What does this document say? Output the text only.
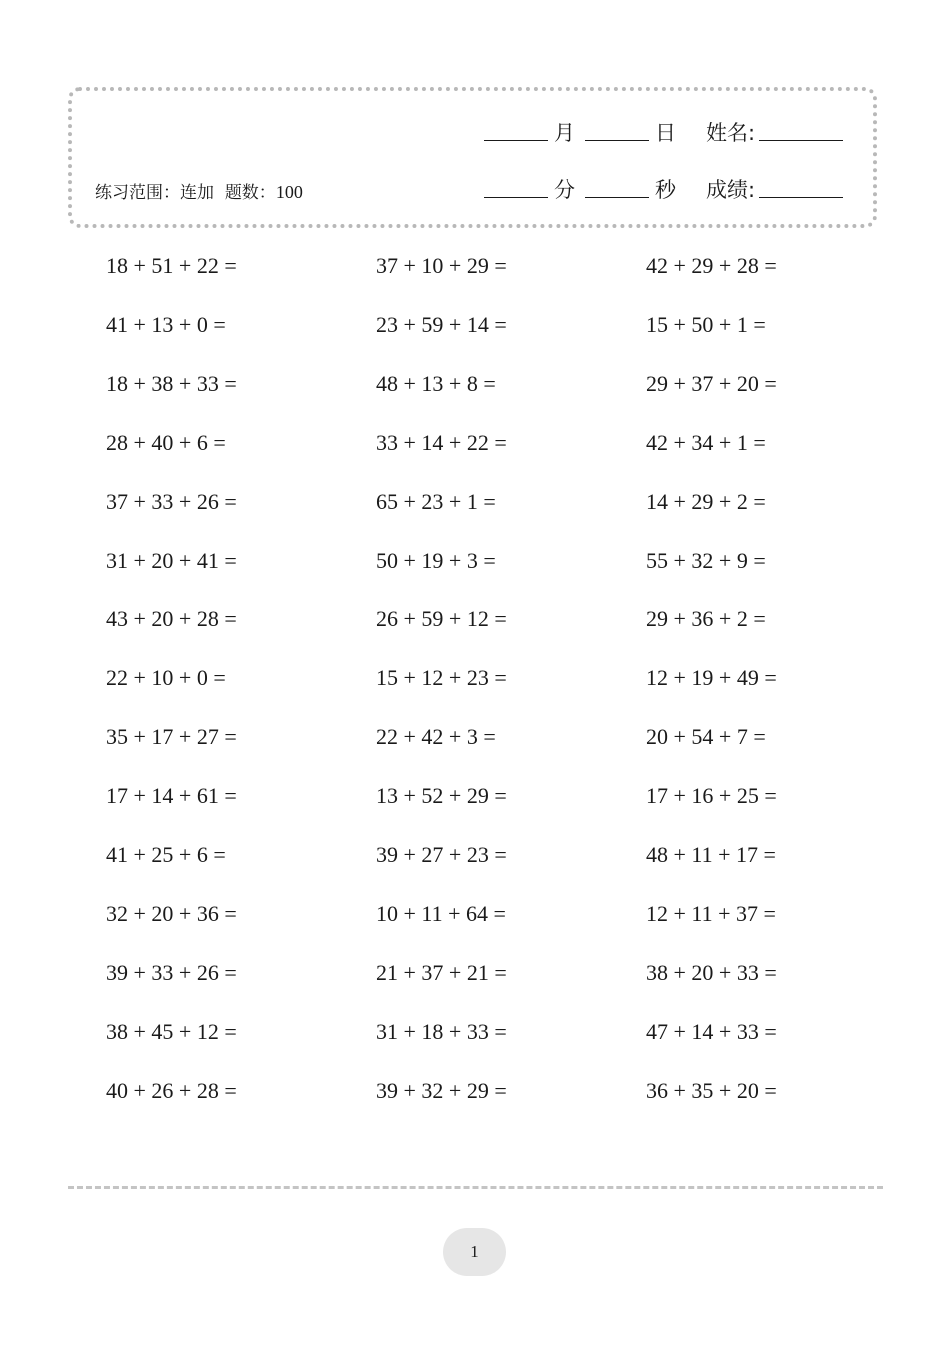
练习范围：连加 题数：100
月	日 姓名:
分	秒 成绩:
18 + 51 + 22 =	37 + 10 + 29 =	42 + 29 + 28 =
41 + 13 + 0 =	23 + 59 + 14 =	15 + 50 + 1 =
18 + 38 + 33 =	48 + 13 + 8 =	29 + 37 + 20 =
28 + 40 + 6 =	33 + 14 + 22 =	42 + 34 + 1 =
37 + 33 + 26 =	65 + 23 + 1 =	14 + 29 + 2 =
31 + 20 + 41 =	50 + 19 + 3 =	55 + 32 + 9 =
43 + 20 + 28 =	26 + 59 + 12 =	29 + 36 + 2 =
22 + 10 + 0 =	15 + 12 + 23 =	12 + 19 + 49 =
35 + 17 + 27 =	22 + 42 + 3 =	20 + 54 + 7 =
17 + 14 + 61 =	13 + 52 + 29 =	17 + 16 + 25 =
41 + 25 + 6 =	39 + 27 + 23 =	48 + 11 + 17 =
32 + 20 + 36 =	10 + 11 + 64 =	12 + 11 + 37 =
39 + 33 + 26 =	21 + 37 + 21 =	38 + 20 + 33 =
38 + 45 + 12 =	31 + 18 + 33 =	47 + 14 + 33 =
40 + 26 + 28 =	39 + 32 + 29 =	36 + 35 + 20 =
1
